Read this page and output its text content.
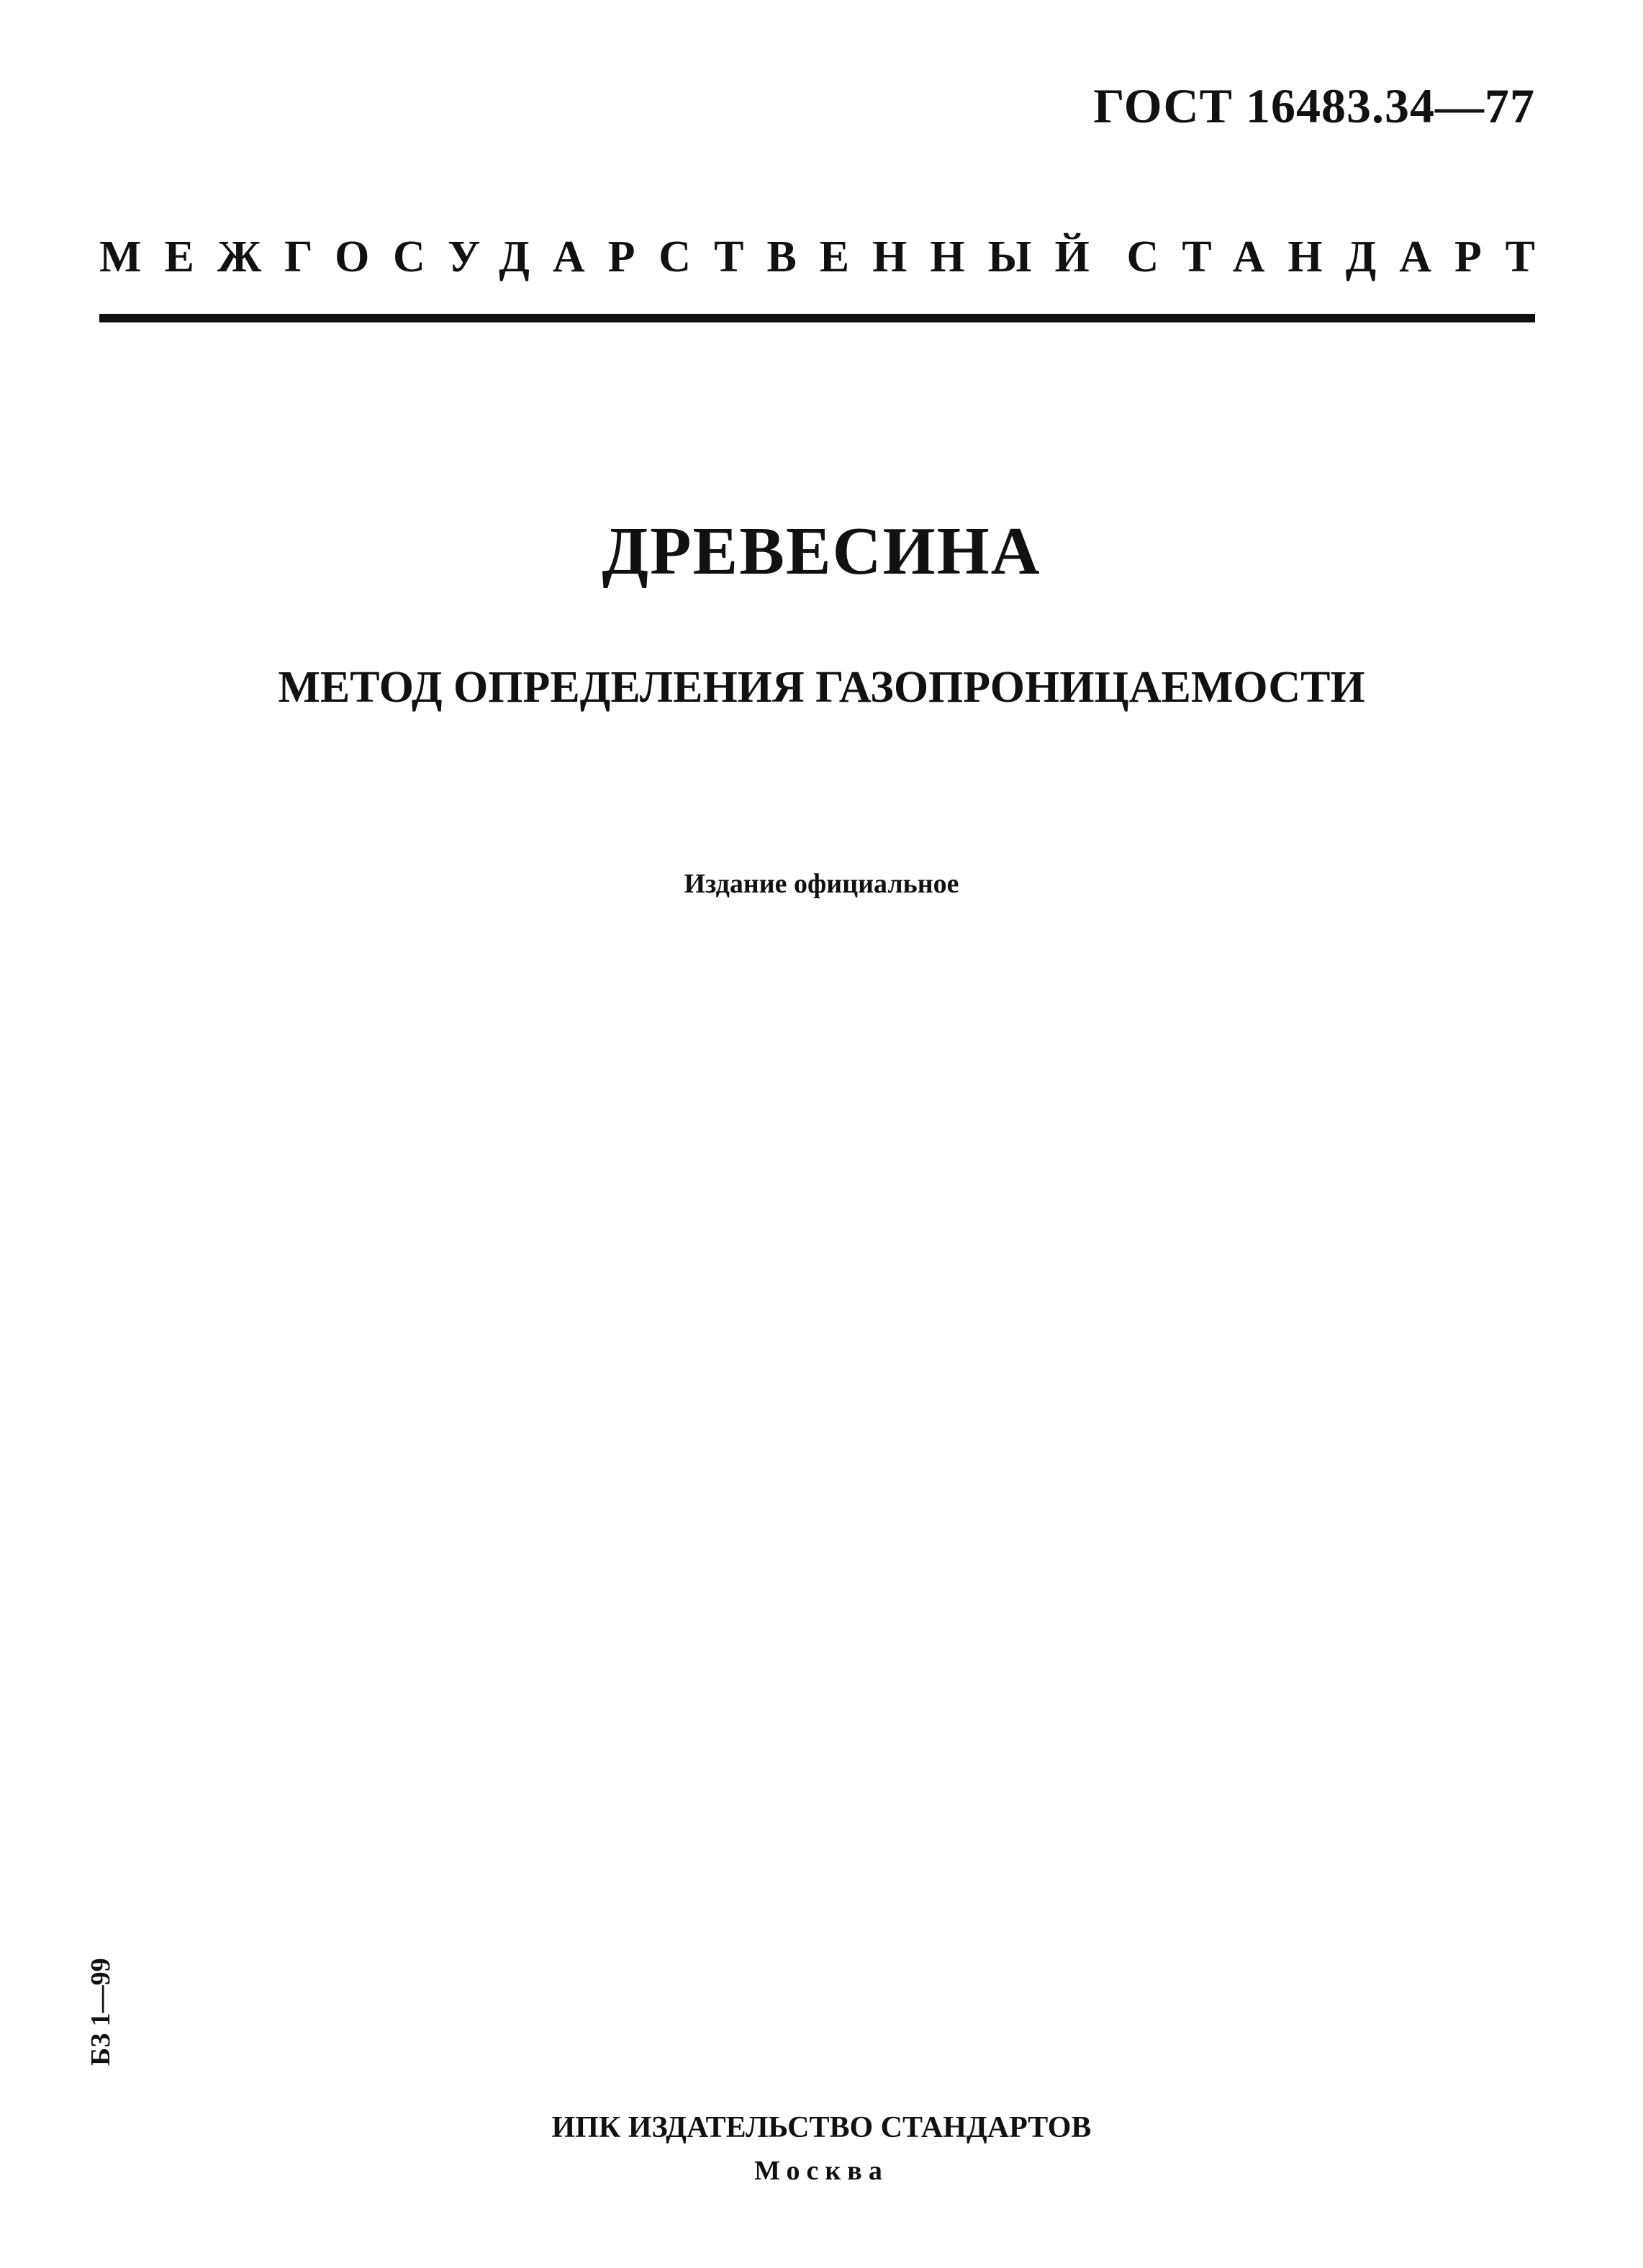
ГОСТ 16483.34—77
МЕЖГОСУДАРСТВЕННЫЙ СТАНДАРТ
ДРЕВЕСИНА
МЕТОД ОПРЕДЕЛЕНИЯ ГАЗОПРОНИЦАЕМОСТИ
Издание официальное
БЗ 1—99
ИПК ИЗДАТЕЛЬСТВО СТАНДАРТОВ
Москва
